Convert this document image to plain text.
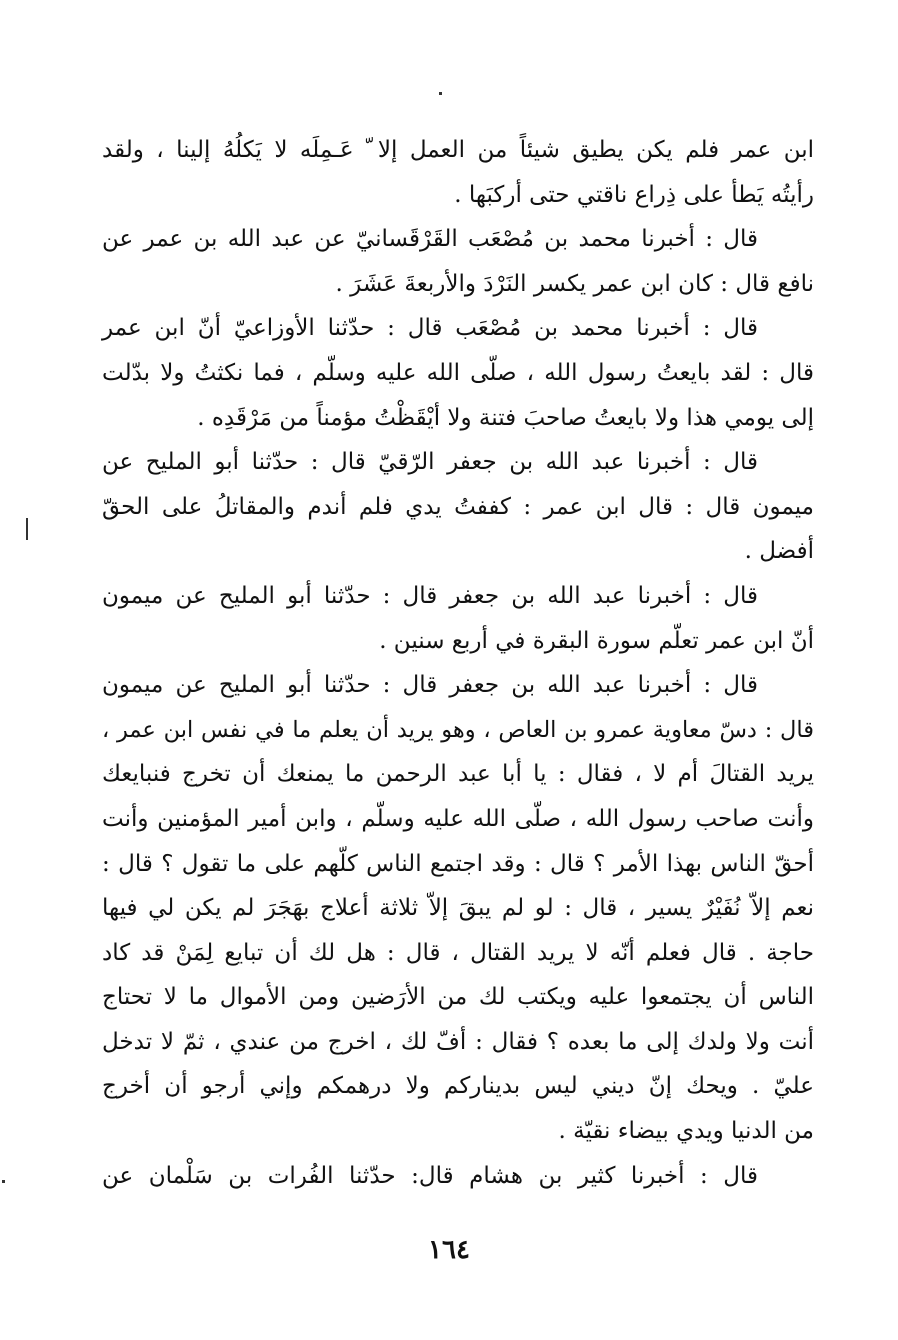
ابن عمر فلم يكن يطيق شيئاً من العمل إلا ّ عَـمِلَه لا يَكلُهُ إلينا ، ولقد
رأيتُه يَطأ على ذِراع ناقتي حتى أركبَها .
قال : أخبرنا محمد بن مُصْعَب القَرْقَسانيّ عن عبد الله بن عمر عن
نافع قال : كان ابن عمر يكسر النَرْدَ والأربعةَ عَشَرَ .
قال : أخبرنا محمد بن مُصْعَب قال : حدّثنا الأوزاعيّ أنّ ابن عمر
قال : لقد بايعتُ رسول الله ، صلّى الله عليه وسلّم ، فما نكثتُ ولا بدّلت
إلى يومي هذا ولا بايعتُ صاحبَ فتنة ولا أيْقَظْتُ مؤمناً من مَرْقَدِه .
قال : أخبرنا عبد الله بن جعفر الرّقيّ قال : حدّثنا أبو المليح عن
ميمون قال : قال ابن عمر : كففتُ يدي فلم أندم والمقاتلُ على الحقّ
أفضل .
قال : أخبرنا عبد الله بن جعفر قال : حدّثنا أبو المليح عن ميمون
أنّ ابن عمر تعلّم سورة البقرة في أربع سنين .
قال : أخبرنا عبد الله بن جعفر قال : حدّثنا أبو المليح عن ميمون
قال : دسّ معاوية عمرو بن العاص ، وهو يريد أن يعلم ما في نفس ابن عمر ،
يريد القتالَ أم لا ، فقال : يا أبا عبد الرحمن ما يمنعك أن تخرج فنبايعك
وأنت صاحب رسول الله ، صلّى الله عليه وسلّم ، وابن أمير المؤمنين وأنت
أحقّ الناس بهذا الأمر ؟ قال : وقد اجتمع الناس كلّهم على ما تقول ؟ قال :
نعم إلاّ نُفَيْرٌ يسير ، قال : لو لم يبقَ إلاّ ثلاثة أعلاج بهَجَرَ لم يكن لي فيها
حاجة . قال فعلم أنّه لا يريد القتال ، قال : هل لك أن تبايع لِمَنْ قد كاد
الناس أن يجتمعوا عليه ويكتب لك من الأرَضين ومن الأموال ما لا تحتاج
أنت ولا ولدك إلى ما بعده ؟ فقال : أفّ لك ، اخرج من عندي ، ثمّ لا تدخل
عليّ . ويحك إنّ ديني ليس بديناركم ولا درهمكم وإني أرجو أن أخرج
من الدنيا ويدي بيضاء نقيّة .
قال : أخبرنا كثير بن هشام قال: حدّثنا الفُرات بن سَلْمان عن
١٦٤
